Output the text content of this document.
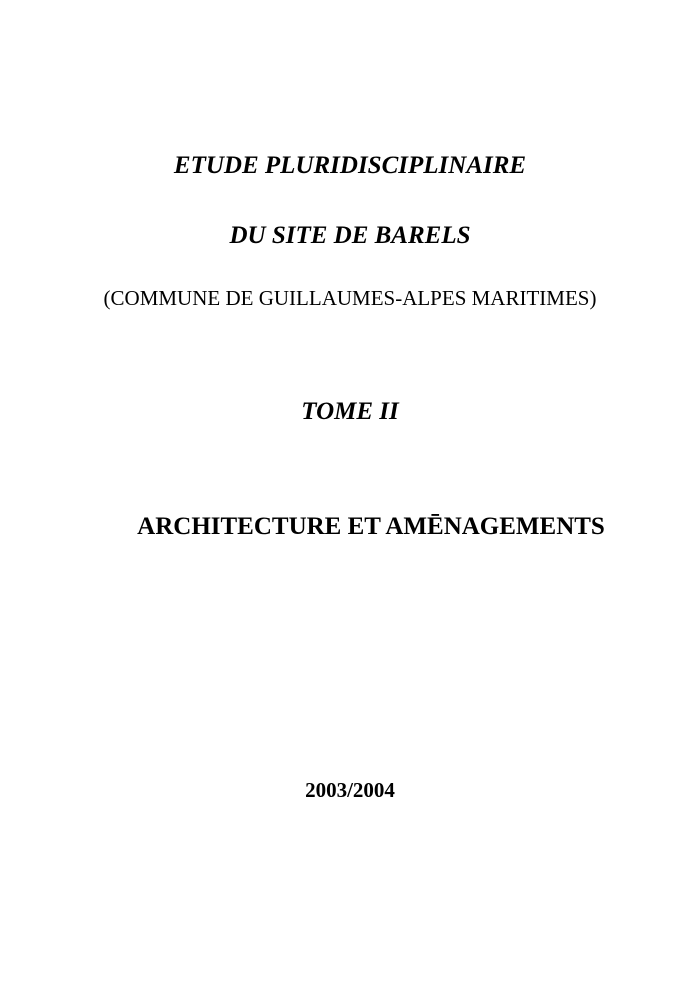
ETUDE PLURIDISCIPLINAIRE
DU SITE DE BARELS
(COMMUNE DE GUILLAUMES-ALPES MARITIMES)
TOME II
ARCHITECTURE ET AMĒNAGEMENTS
2003/2004
